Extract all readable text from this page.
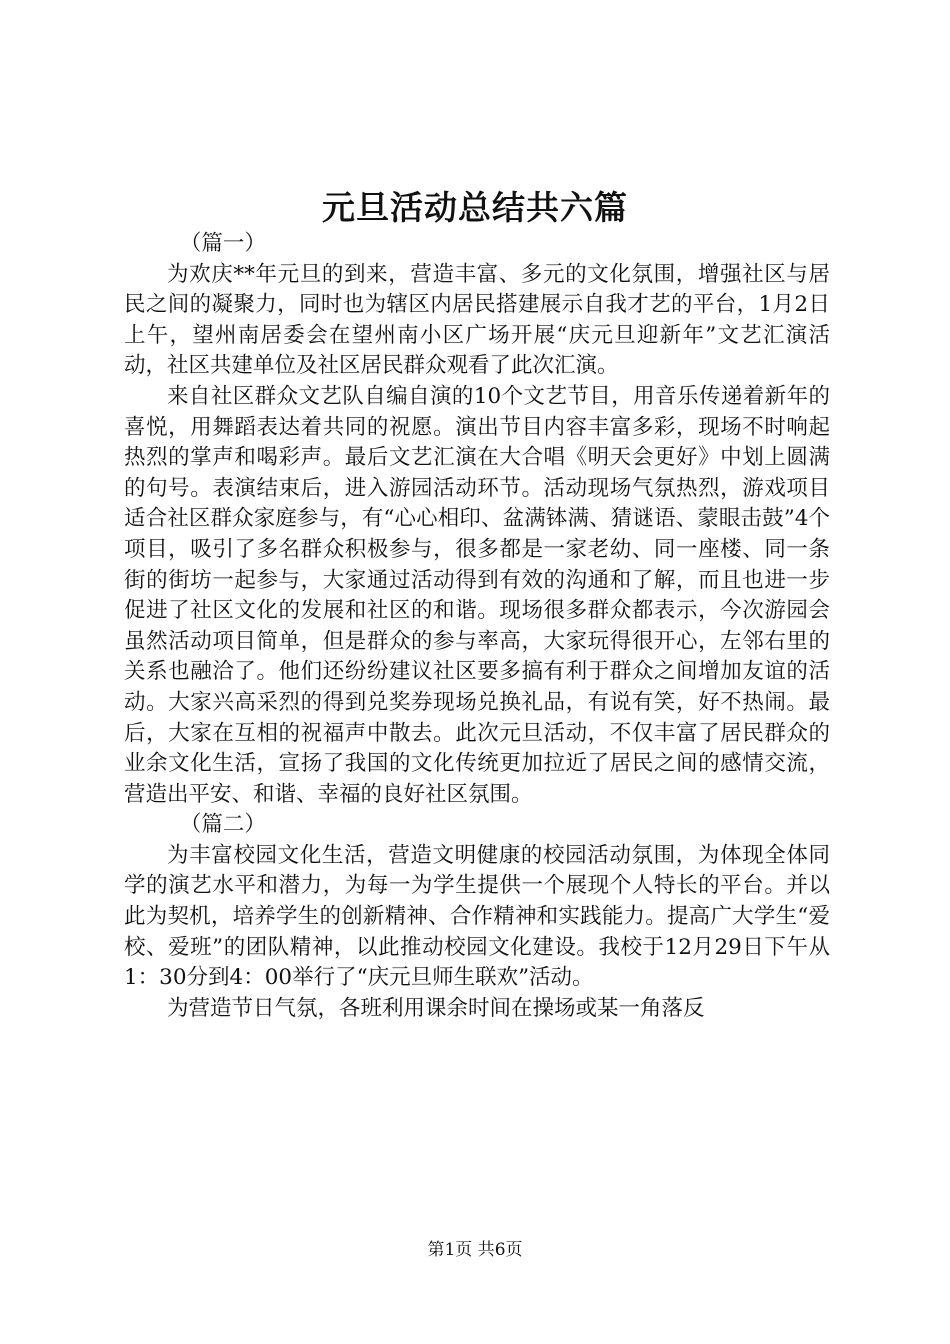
元旦活动总结共六篇

（篇一）

为欢庆**年元旦的到来，营造丰富、多元的文化氛围，增强社区与居民之间的凝聚力，同时也为辖区内居民搭建展示自我才艺的平台，1月2日上午，望州南居委会在望州南小区广场开展“庆元旦迎新年”文艺汇演活动，社区共建单位及社区居民群众观看了此次汇演。

来自社区群众文艺队自编自演的10个文艺节目，用音乐传递着新年的喜悦，用舞蹈表达着共同的祝愿。演出节目内容丰富多彩，现场不时响起热烈的掌声和喝彩声。最后文艺汇演在大合唱《明天会更好》中划上圆满的句号。表演结束后，进入游园活动环节。活动现场气氛热烈，游戏项目适合社区群众家庭参与，有“心心相印、盆满钵满、猜谜语、蒙眼击鼓”4个项目，吸引了多名群众积极参与，很多都是一家老幼、同一座楼、同一条街的街坊一起参与，大家通过活动得到有效的沟通和了解，而且也进一步促进了社区文化的发展和社区的和谐。现场很多群众都表示，今次游园会虽然活动项目简单，但是群众的参与率高，大家玩得很开心，左邻右里的关系也融洽了。他们还纷纷建议社区要多搞有利于群众之间增加友谊的活动。大家兴高采烈的得到兑奖券现场兑换礼品，有说有笑，好不热闹。最后，大家在互相的祝福声中散去。此次元旦活动，不仅丰富了居民群众的业余文化生活，宣扬了我国的文化传统更加拉近了居民之间的感情交流，营造出平安、和谐、幸福的良好社区氛围。

（篇二）

为丰富校园文化生活，营造文明健康的校园活动氛围，为体现全体同学的演艺水平和潜力，为每一为学生提供一个展现个人特长的平台。并以此为契机，培养学生的创新精神、合作精神和实践能力。提高广大学生“爱校、爱班”的团队精神，以此推动校园文化建设。我校于12月29日下午从1：30分到4：00举行了“庆元旦师生联欢”活动。

为营造节日气氛，各班利用课余时间在操场或某一角落反

第1页 共6页
